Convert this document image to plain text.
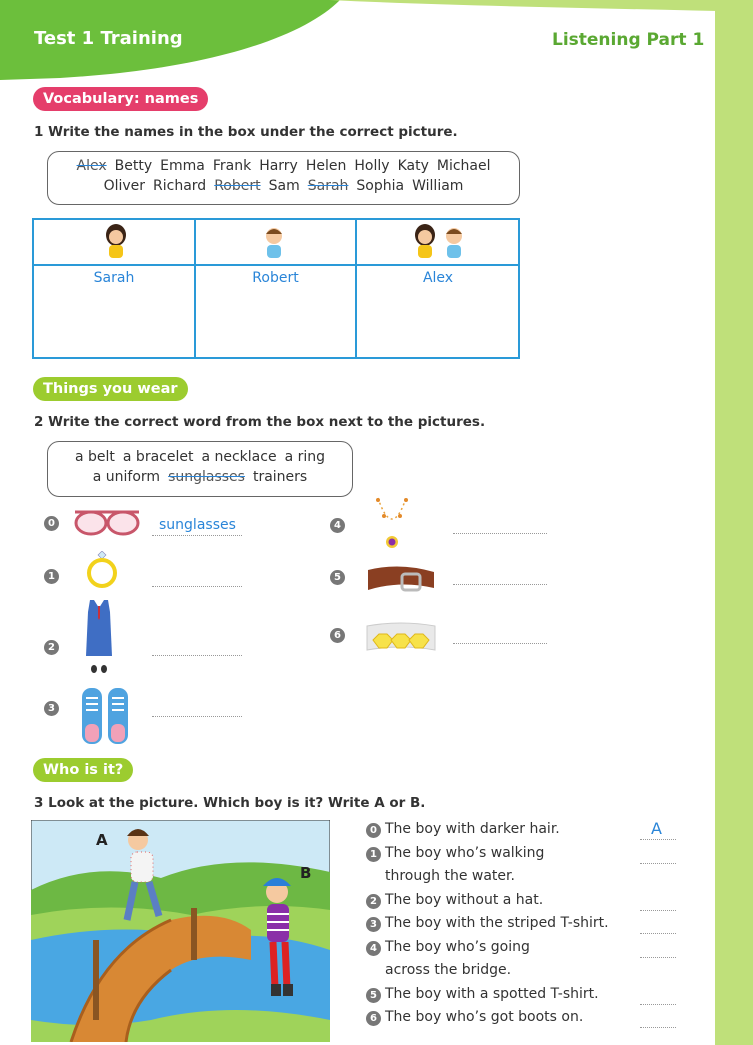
Test 1 Training	Listening Part 1
Vocabulary: names
1 Write the names in the box under the correct picture.
Alex Betty Emma Frank Harry Helen Holly Katy Michael
Oliver Richard Robert Sam Sarah Sophia William
Sarah	Robert	Alex
Things you wear
2 Write the correct word from the box next to the pictures.
a belt a bracelet a necklace a ring
a uniform sunglasses trainers
0	sunglasses
1
2
3
4
5
6
Who is it?
3 Look at the picture. Which boy is it? Write A or B.
A
B
0 The boy with darker hair.	A
1 The boy who’s walking
through the water.
2 The boy without a hat.
3 The boy with the striped T-shirt.
4 The boy who’s going
across the bridge.
5 The boy with a spotted T-shirt.
6 The boy who’s got boots on.
